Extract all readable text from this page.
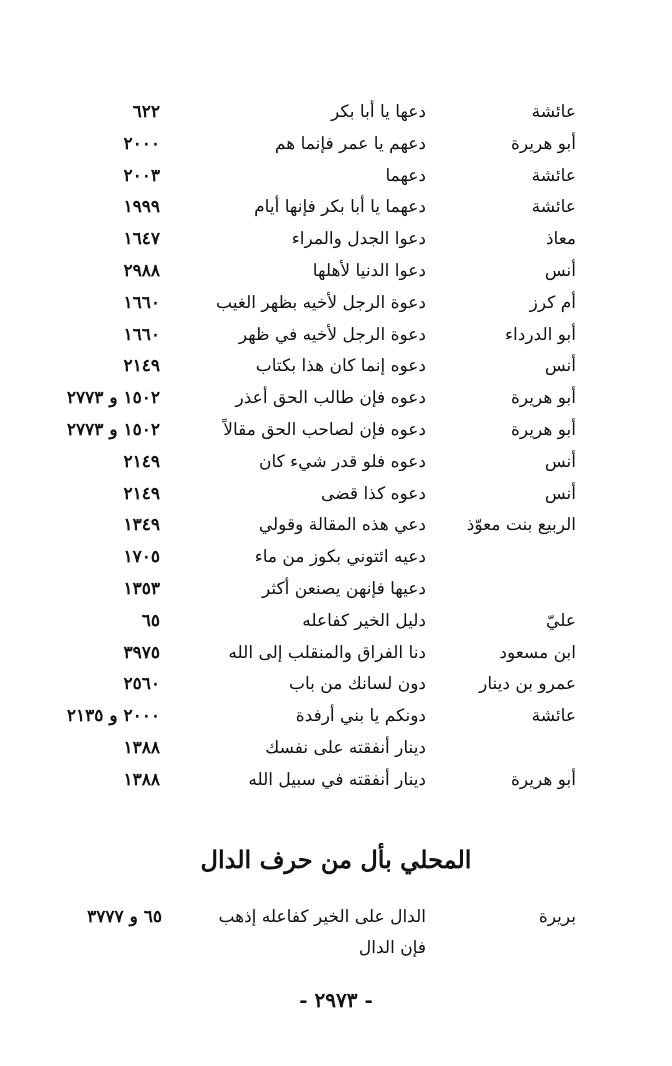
عائشة
دعها يا أبا بكر
٦٢٢
أبو هريرة
دعهم يا عمر فإنما هم
٢٠٠٠
عائشة
دعهما
٢٠٠٣
عائشة
دعهما يا أبا بكر فإنها أيام
١٩٩٩
معاذ
دعوا الجدل والمراء
١٦٤٧
أنس
دعوا الدنيا لأهلها
٢٩٨٨
أم كرز
دعوة الرجل لأخيه بظهر الغيب
١٦٦٠
أبو الدرداء
دعوة الرجل لأخيه في ظهر
١٦٦٠
أنس
دعوه إنما كان هذا بكتاب
٢١٤٩
أبو هريرة
دعوه فإن طالب الحق أعذر
١٥٠٢ و ٢٧٧٣
أبو هريرة
دعوه فإن لصاحب الحق مقالاً
١٥٠٢ و ٢٧٧٣
أنس
دعوه فلو قدر شيء كان
٢١٤٩
أنس
دعوه كذا قضى
٢١٤٩
الربيع بنت معوّذ
دعي هذه المقالة وقولي
١٣٤٩
دعيه ائتوني بكوز من ماء
١٧٠٥
دعيها فإنهن يصنعن أكثر
١٣٥٣
عليّ
دليل الخير كفاعله
٦٥
ابن مسعود
دنا الفراق والمنقلب إلى الله
٣٩٧٥
عمرو بن دينار
دون لسانك من باب
٢٥٦٠
عائشة
دونكم يا بني أرفدة
٢٠٠٠ و ٢١٣٥
دينار أنفقته على نفسك
١٣٨٨
أبو هريرة
دينار أنفقته في سبيل الله
١٣٨٨
المحلي بأل من حرف الدال
بريرة
الدال على الخير كفاعله إذهب فإن الدال
٦٥ و ٣٧٧٧
- ٢٩٧٣ -
